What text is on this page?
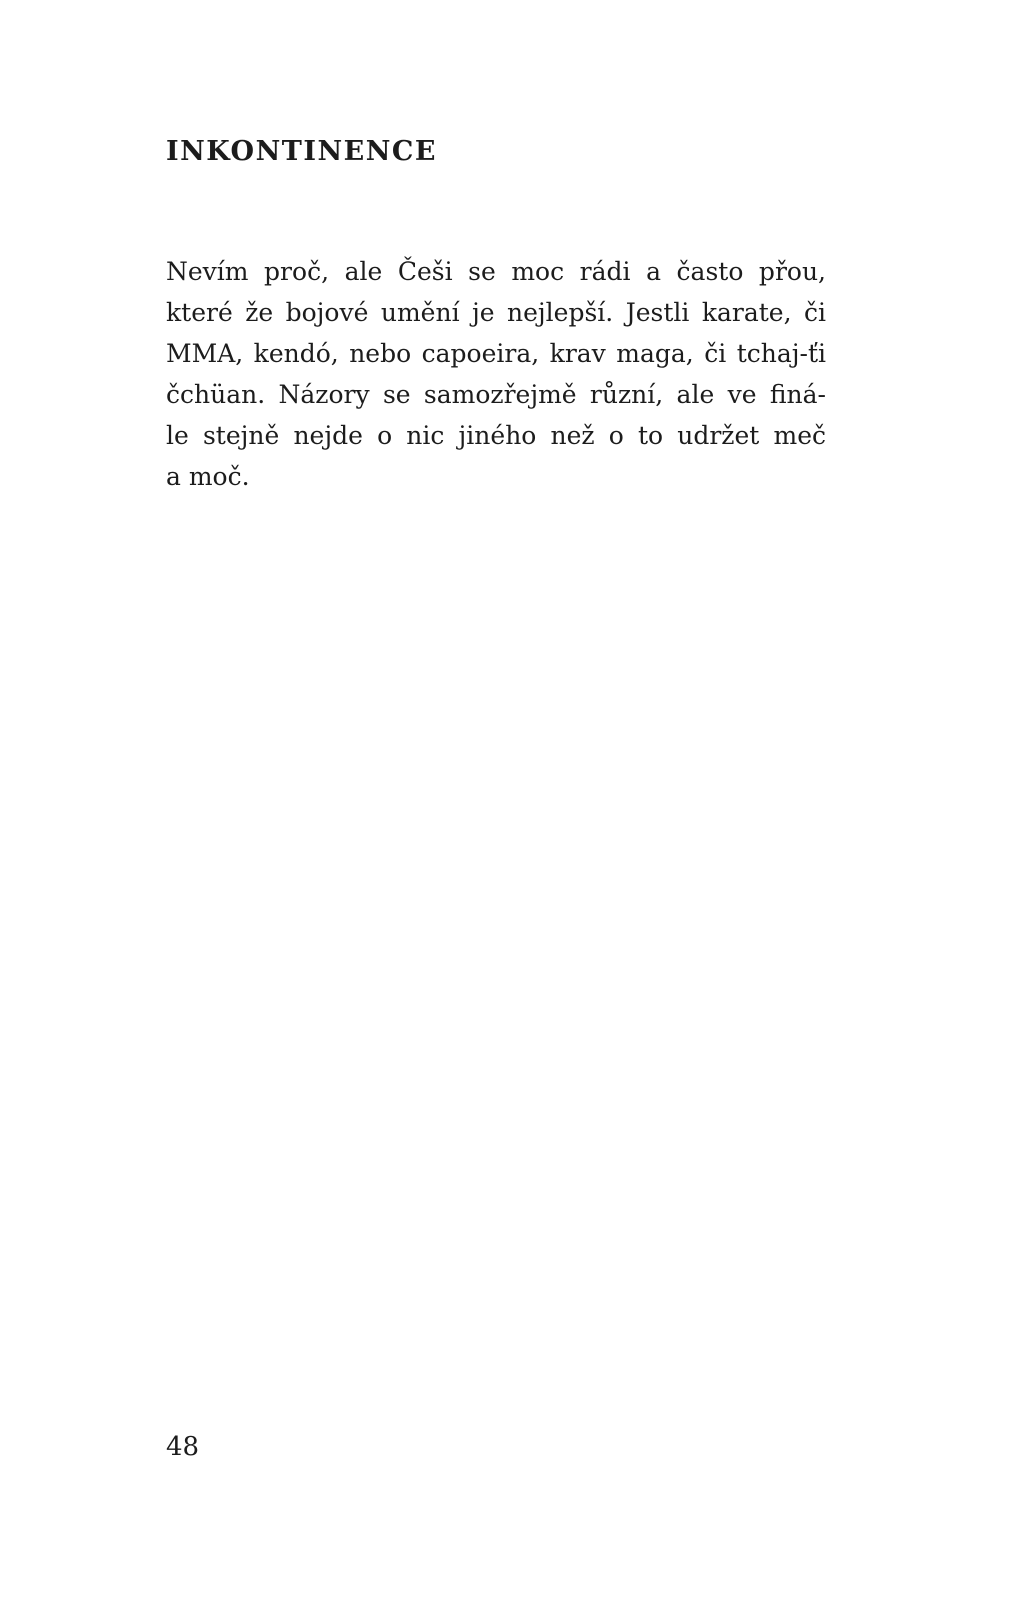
INKONTINENCE
Nevím proč, ale Češi se moc rádi a často přou,
které že bojové umění je nejlepší. Jestli karate, či
MMA, kendó, nebo capoeira, krav maga, či tchaj-ťi
čchüan. Názory se samozřejmě různí, ale ve finá-
le stejně nejde o nic jiného než o to udržet meč
a moč.
48
